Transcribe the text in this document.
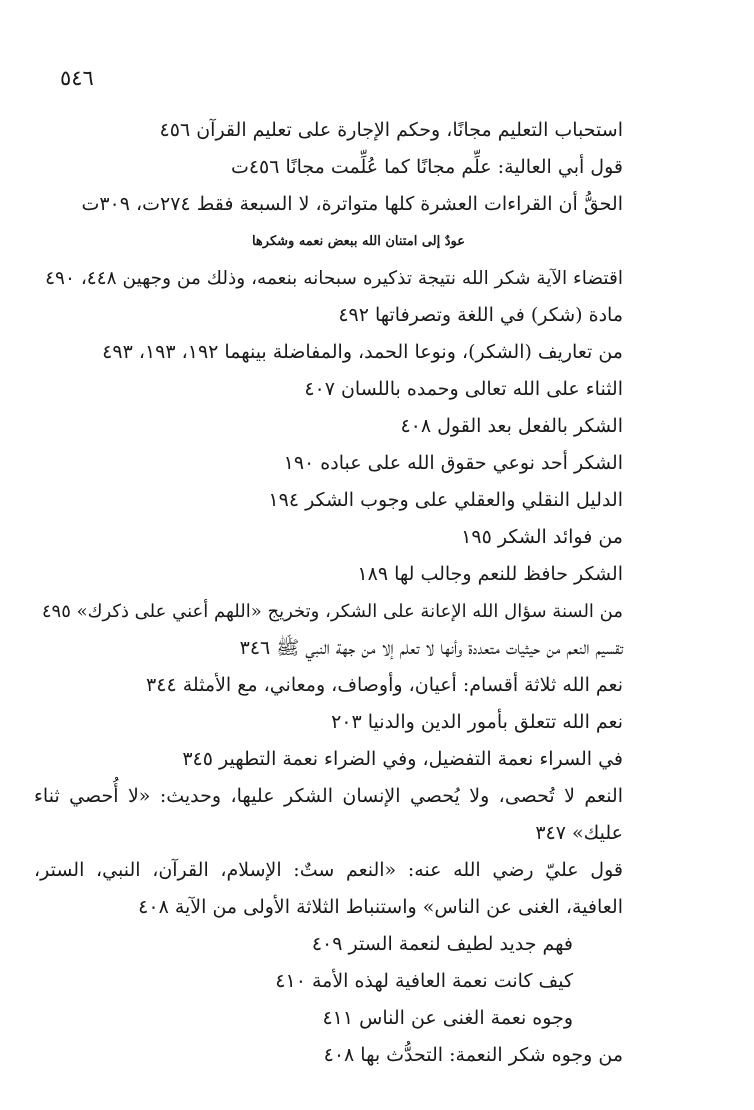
٥٤٦
استحباب التعليم مجانًا، وحكم الإجارة على تعليم القرآن ٤٥٦
قول أبي العالية: علِّم مجانًا كما عُلِّمت مجانًا ٤٥٦ت
الحقُّ أن القراءات العشرة كلها متواترة، لا السبعة فقط ٢٧٤ت، ٣٠٩ت
عودٌ إلى امتنان الله ببعض نعمه وشكرها
اقتضاء الآية شكر الله نتيجة تذكيره سبحانه بنعمه، وذلك من وجهين ٤٤٨، ٤٩٠
مادة (شكر) في اللغة وتصرفاتها ٤٩٢
من تعاريف (الشكر)، ونوعا الحمد، والمفاضلة بينهما ١٩٢، ١٩٣، ٤٩٣
الثناء على الله تعالى وحمده باللسان ٤٠٧
الشكر بالفعل بعد القول ٤٠٨
الشكر أحد نوعي حقوق الله على عباده ١٩٠
الدليل النقلي والعقلي على وجوب الشكر ١٩٤
من فوائد الشكر ١٩٥
الشكر حافظ للنعم وجالب لها ١٨٩
من السنة سؤال الله الإعانة على الشكر، وتخريج «اللهم أعني على ذكرك» ٤٩٥
تقسيم النعم من حيثيات متعددة وأنها لا تعلم إلا من جهة النبي ﷺ ٣٤٦
نعم الله ثلاثة أقسام: أعيان، وأوصاف، ومعاني، مع الأمثلة ٣٤٤
نعم الله تتعلق بأمور الدين والدنيا ٢٠٣
في السراء نعمة التفضيل، وفي الضراء نعمة التطهير ٣٤٥
النعم لا تُحصى، ولا يُحصي الإنسان الشكر عليها، وحديث: «لا أُحصي ثناء عليك» ٣٤٧
قول عليّ رضي الله عنه: «النعم ستٌ: الإسلام، القرآن، النبي، الستر، العافية، الغنى عن الناس» واستنباط الثلاثة الأولى من الآية ٤٠٨
فهم جديد لطيف لنعمة الستر ٤٠٩
كيف كانت نعمة العافية لهذه الأمة ٤١٠
وجوه نعمة الغنى عن الناس ٤١١
من وجوه شكر النعمة: التحدُّث بها ٤٠٨
